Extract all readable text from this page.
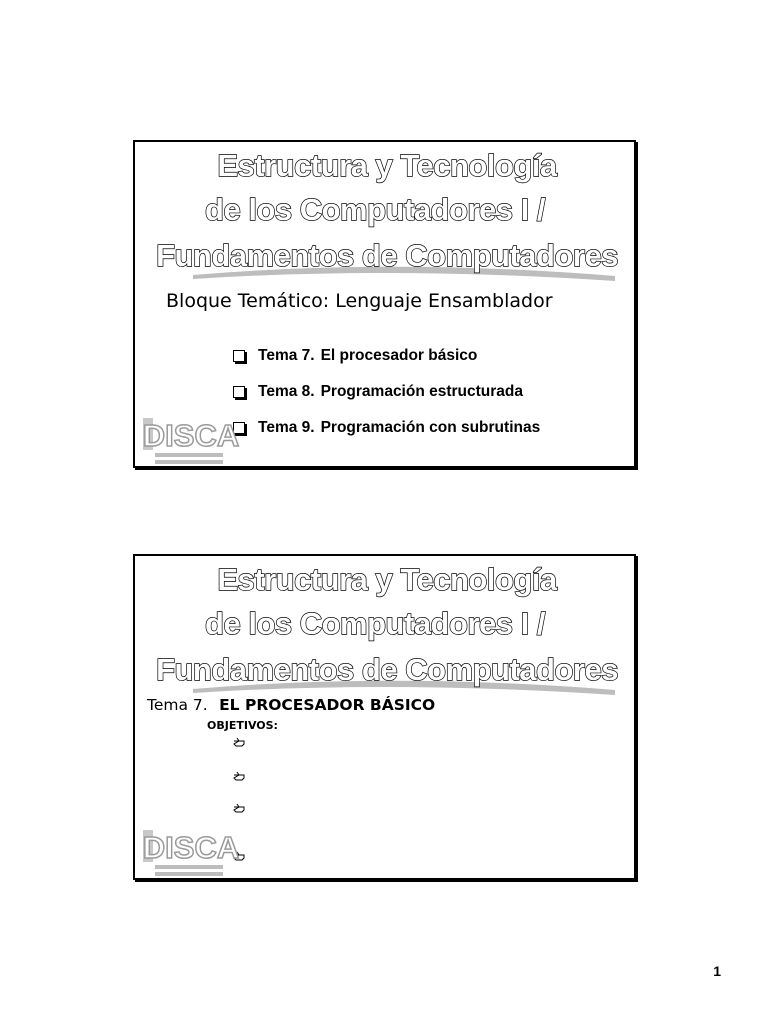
Estructura y Tecnología
de los Computadores I /
Fundamentos de Computadores
Bloque Temático: Lenguaje Ensamblador
Tema 7. El procesador básico
Tema 8. Programación estructurada
Tema 9. Programación con subrutinas
DISCA
Estructura y Tecnología
de los Computadores I /
Fundamentos de Computadores
Tema 7. EL PROCESADOR BÁSICO
OBJETIVOS:
DISCA
1
